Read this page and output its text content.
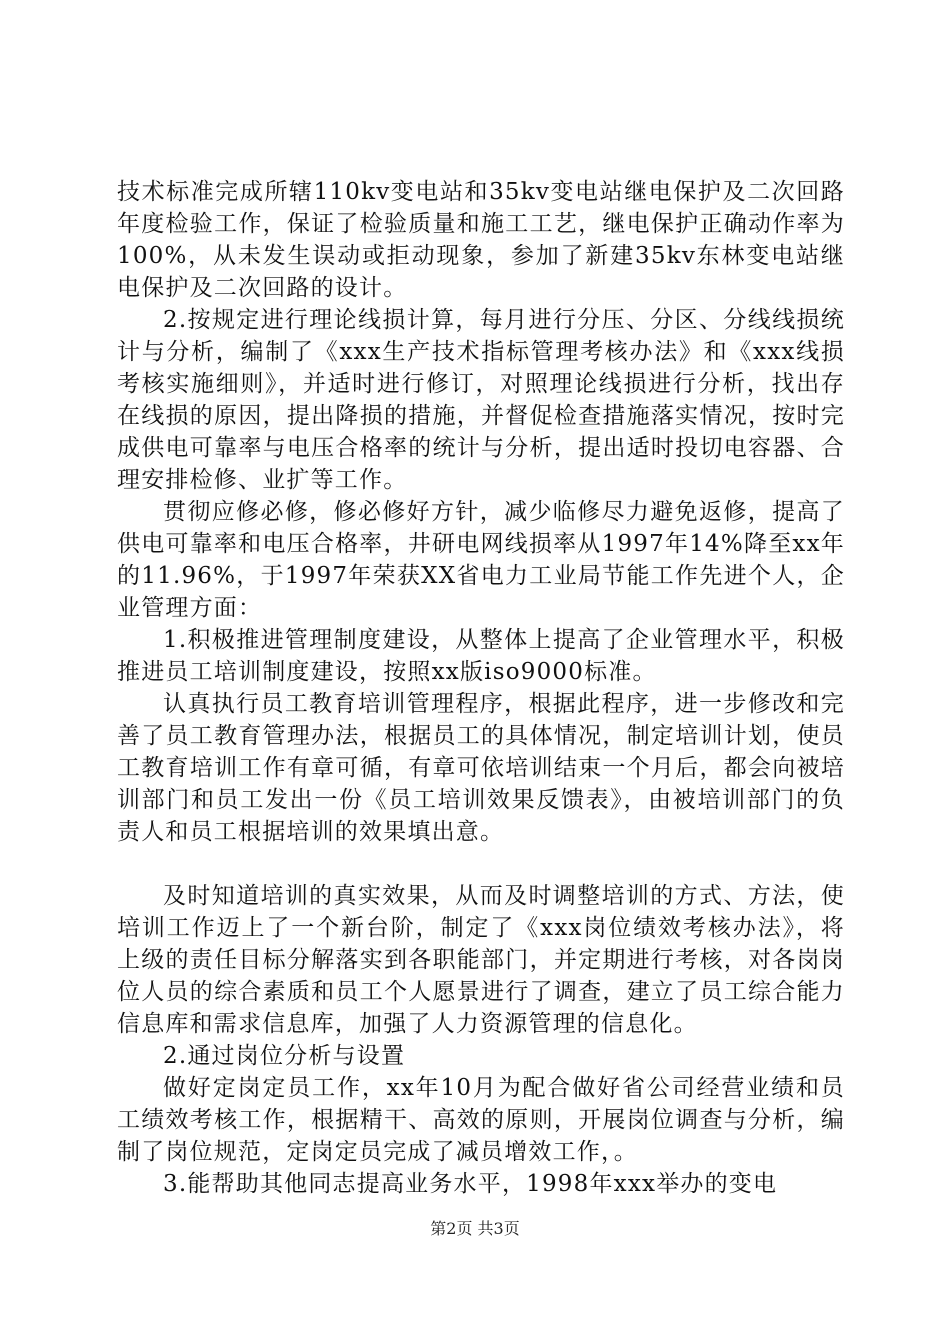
技术标准完成所辖110kv变电站和35kv变电站继电保护及二次回路年度检验工作，保证了检验质量和施工工艺，继电保护正确动作率为100%，从未发生误动或拒动现象，参加了新建35kv东林变电站继电保护及二次回路的设计。

2.按规定进行理论线损计算，每月进行分压、分区、分线线损统计与分析，编制了《xxx生产技术指标管理考核办法》和《xxx线损考核实施细则》，并适时进行修订，对照理论线损进行分析，找出存在线损的原因，提出降损的措施，并督促检查措施落实情况，按时完成供电可靠率与电压合格率的统计与分析，提出适时投切电容器、合理安排检修、业扩等工作。

贯彻应修必修，修必修好方针，减少临修尽力避免返修，提高了供电可靠率和电压合格率，井研电网线损率从1997年14%降至xx年的11.96%，于1997年荣获XX省电力工业局节能工作先进个人，企业管理方面：

1.积极推进管理制度建设，从整体上提高了企业管理水平，积极推进员工培训制度建设，按照xx版iso9000标准。

认真执行员工教育培训管理程序，根据此程序，进一步修改和完善了员工教育管理办法，根据员工的具体情况，制定培训计划，使员工教育培训工作有章可循，有章可依培训结束一个月后，都会向被培训部门和员工发出一份《员工培训效果反馈表》，由被培训部门的负责人和员工根据培训的效果填出意。

及时知道培训的真实效果，从而及时调整培训的方式、方法，使培训工作迈上了一个新台阶，制定了《xxx岗位绩效考核办法》，将上级的责任目标分解落实到各职能部门，并定期进行考核，对各岗岗位人员的综合素质和员工个人愿景进行了调查，建立了员工综合能力信息库和需求信息库，加强了人力资源管理的信息化。

2.通过岗位分析与设置

做好定岗定员工作，xx年10月为配合做好省公司经营业绩和员工绩效考核工作，根据精干、高效的原则，开展岗位调查与分析，编制了岗位规范，定岗定员完成了减员增效工作，。

3.能帮助其他同志提高业务水平，1998年xxx举办的变电

第2页 共3页
